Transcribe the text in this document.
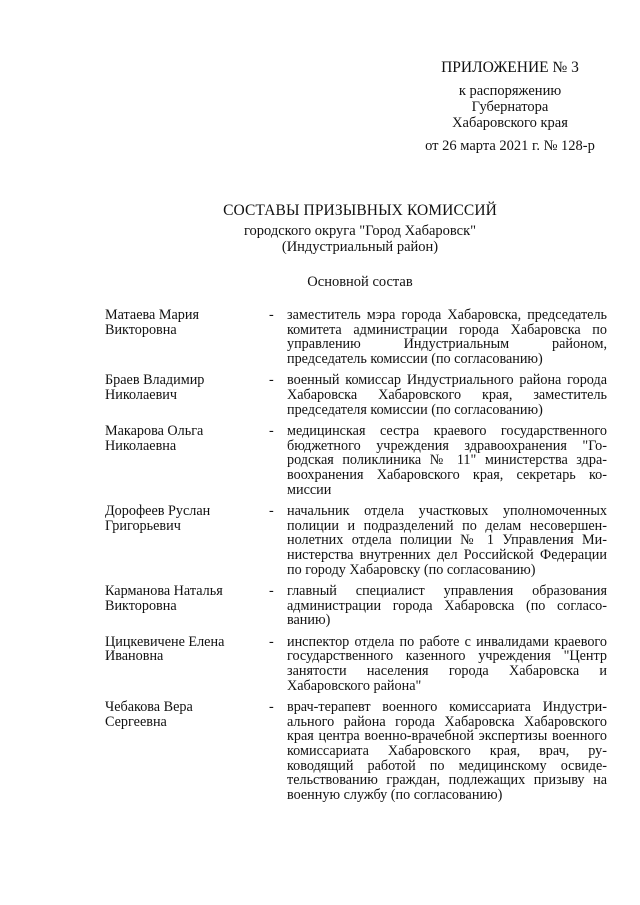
ПРИЛОЖЕНИЕ № 3
к распоряжению
Губернатора
Хабаровского края
от 26 марта 2021 г. № 128-р
СОСТАВЫ ПРИЗЫВНЫХ КОМИССИЙ
городского округа "Город Хабаровск"
(Индустриальный район)
Основной состав
Матаева Мария
Викторовна
- заместитель мэра города Хабаровска, председатель комитета администрации города Хабаровска по управлению Индустриальным районом, председатель комиссии (по согласованию)
Браев Владимир
Николаевич
- военный комиссар Индустриального района города Хабаровска Хабаровского края, заместитель председателя комиссии (по согласованию)
Макарова Ольга
Николаевна
- медицинская сестра краевого государственного бюджетного учреждения здравоохранения "Городская поликлиника № 11" министерства здравоохранения Хабаровского края, секретарь комиссии
Дорофеев Руслан
Григорьевич
- начальник отдела участковых уполномоченных полиции и подразделений по делам несовершеннолетних отдела полиции № 1 Управления Министерства внутренних дел Российской Федерации по городу Хабаровску (по согласованию)
Карманова Наталья
Викторовна
- главный специалист управления образования администрации города Хабаровска (по согласованию)
Цицкевичене Елена
Ивановна
- инспектор отдела по работе с инвалидами краевого государственного казенного учреждения "Центр занятости населения города Хабаровска и Хабаровского района"
Чебакова Вера
Сергеевна
- врач-терапевт военного комиссариата Индустриального района города Хабаровска Хабаровского края центра военно-врачебной экспертизы военного комиссариата Хабаровского края, врач, руководящий работой по медицинскому освидетельствованию граждан, подлежащих призыву на военную службу (по согласованию)
